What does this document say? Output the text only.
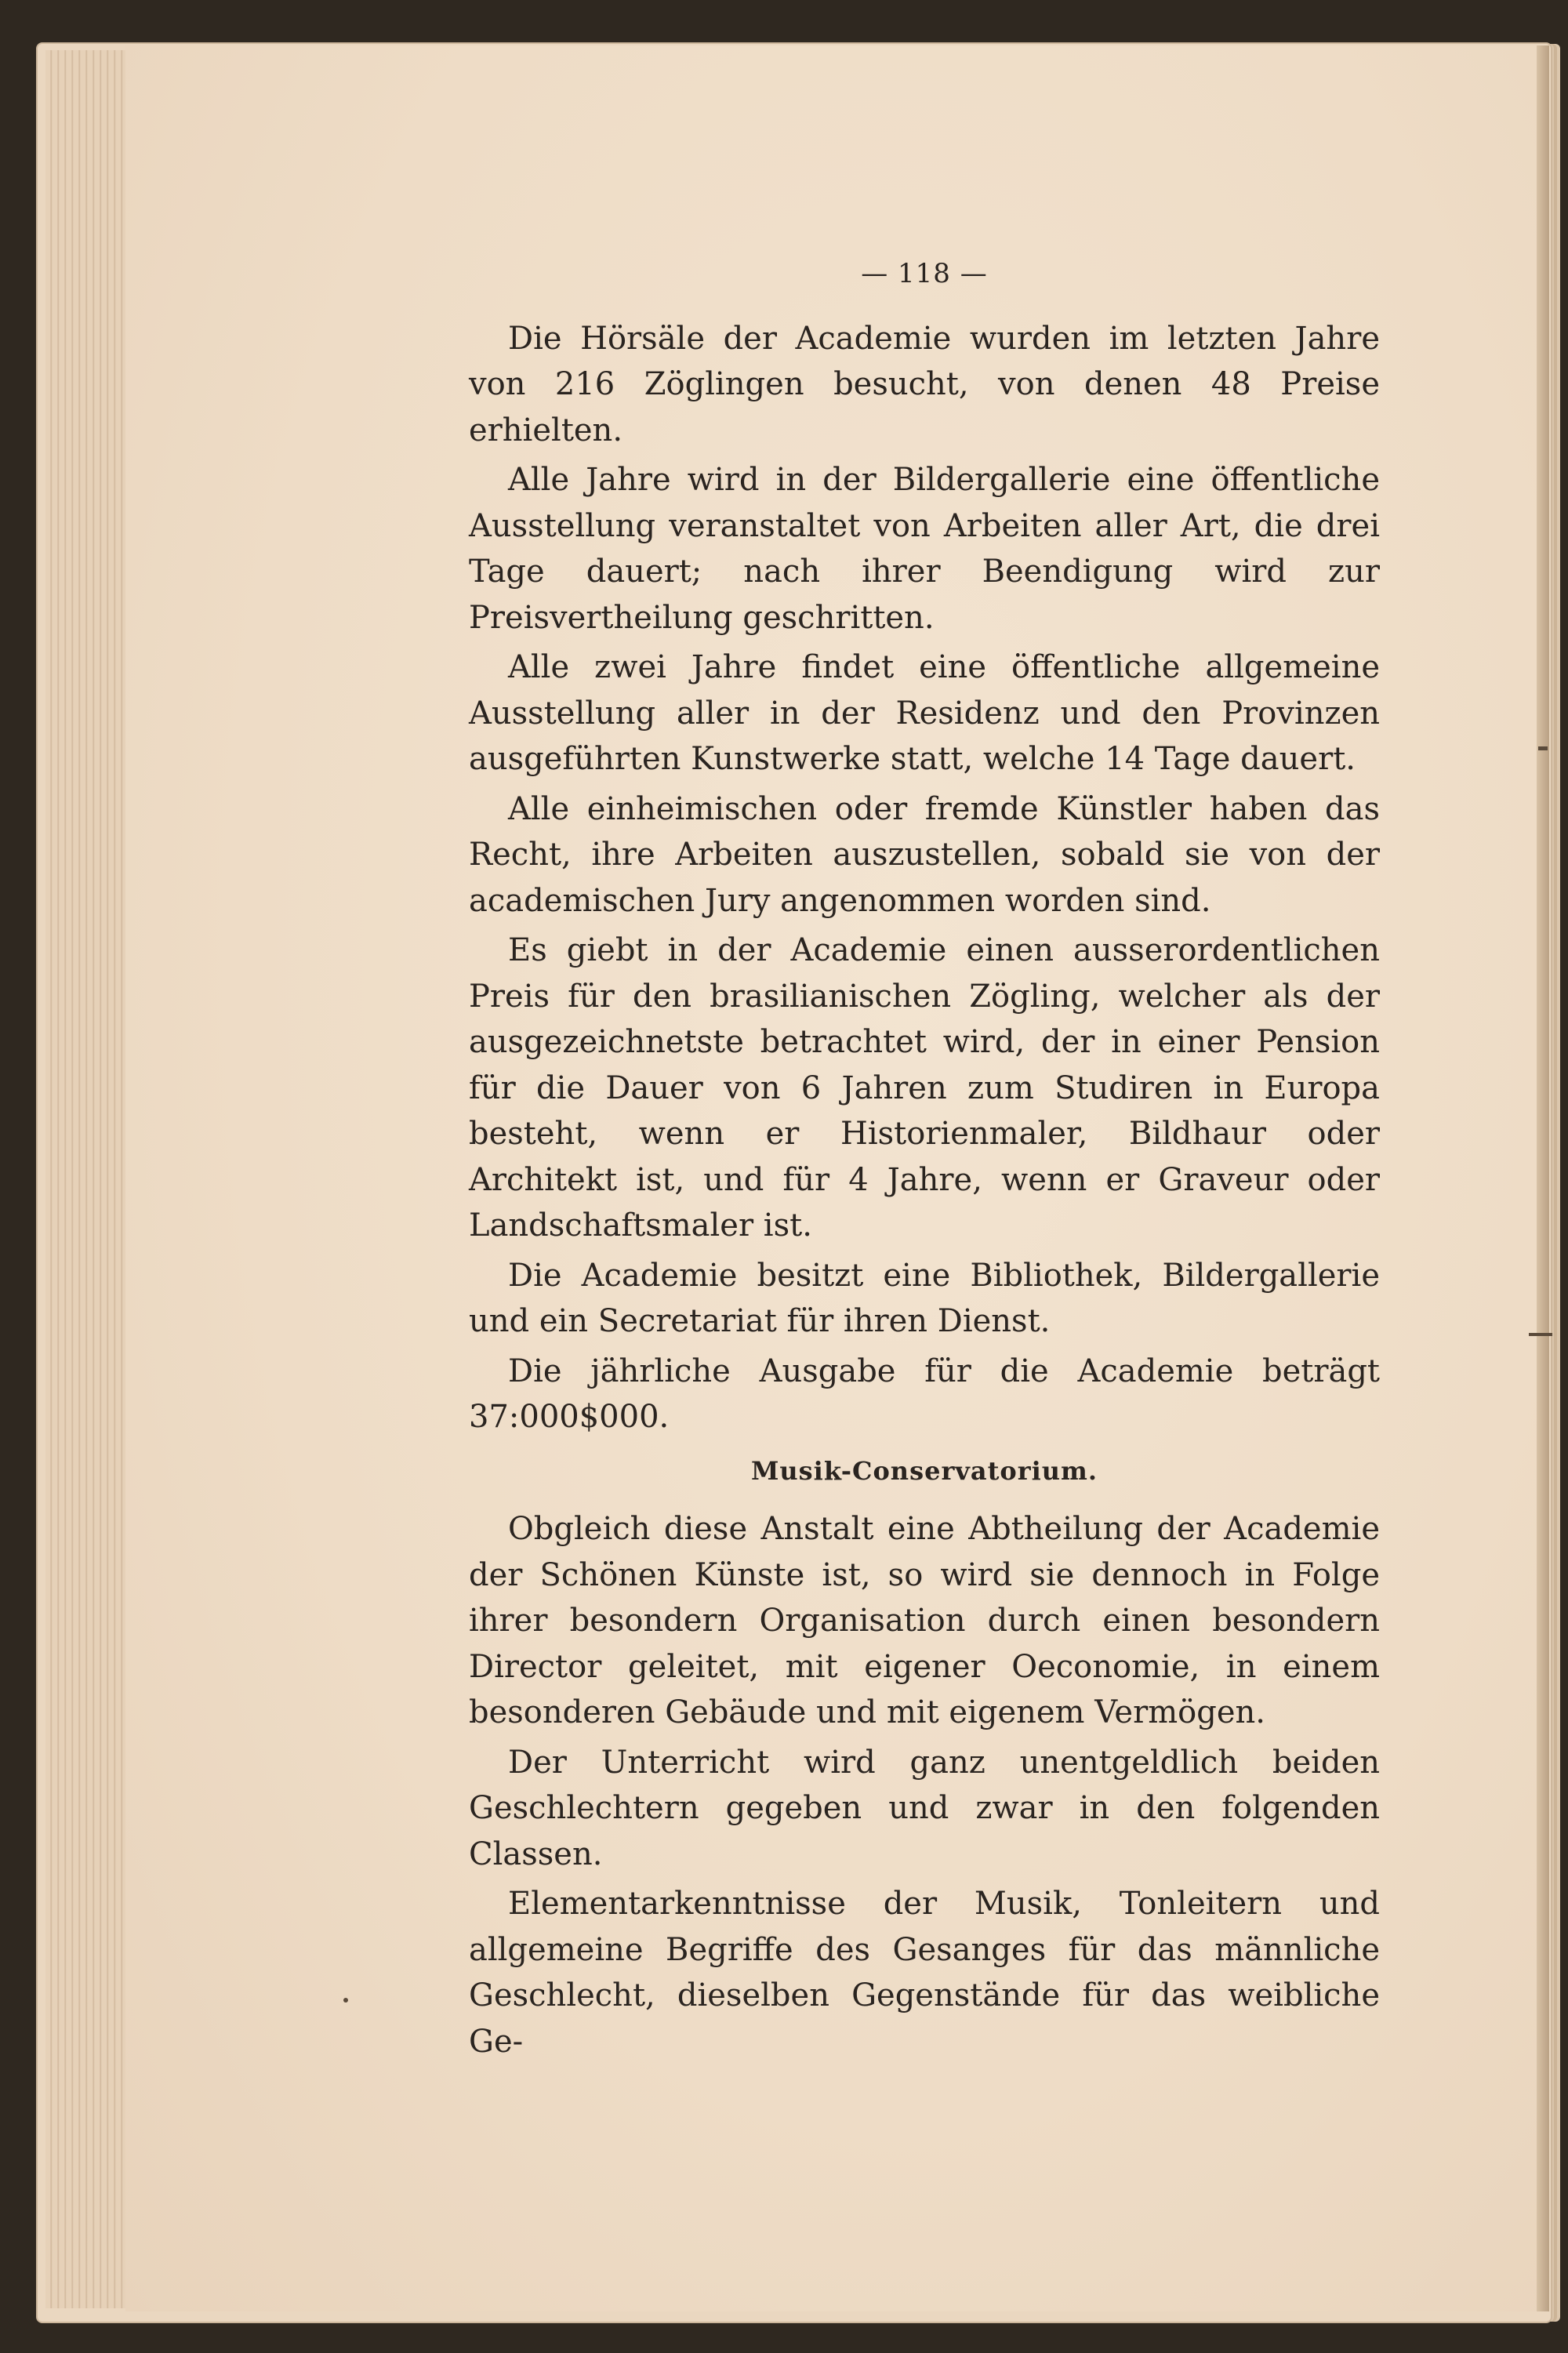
— 118 —

Die Hörsäle der Academie wurden im letzten Jahre von 216 Zöglingen besucht, von denen 48 Preise erhielten.

Alle Jahre wird in der Bildergallerie eine öffentliche Ausstellung veranstaltet von Arbeiten aller Art, die drei Tage dauert; nach ihrer Beendigung wird zur Preisvertheilung geschritten.

Alle zwei Jahre findet eine öffentliche allgemeine Ausstellung aller in der Residenz und den Provinzen ausgeführten Kunstwerke statt, welche 14 Tage dauert.

Alle einheimischen oder fremde Künstler haben das Recht, ihre Arbeiten auszustellen, sobald sie von der academischen Jury angenommen worden sind.

Es giebt in der Academie einen ausserordentlichen Preis für den brasilianischen Zögling, welcher als der ausgezeichnetste betrachtet wird, der in einer Pension für die Dauer von 6 Jahren zum Studiren in Europa besteht, wenn er Historienmaler, Bildhaur oder Architekt ist, und für 4 Jahre, wenn er Graveur oder Landschaftsmaler ist.

Die Academie besitzt eine Bibliothek, Bildergallerie und ein Secretariat für ihren Dienst.

Die jährliche Ausgabe für die Academie beträgt 37:000$000.

Musik-Conservatorium.

Obgleich diese Anstalt eine Abtheilung der Academie der Schönen Künste ist, so wird sie dennoch in Folge ihrer besondern Organisation durch einen besondern Director geleitet, mit eigener Oeconomie, in einem besonderen Gebäude und mit eigenem Vermögen.

Der Unterricht wird ganz unentgeldlich beiden Geschlechtern gegeben und zwar in den folgenden Classen.

Elementarkenntnisse der Musik, Tonleitern und allgemeine Begriffe des Gesanges für das männliche Geschlecht, dieselben Gegenstände für das weibliche Ge-
